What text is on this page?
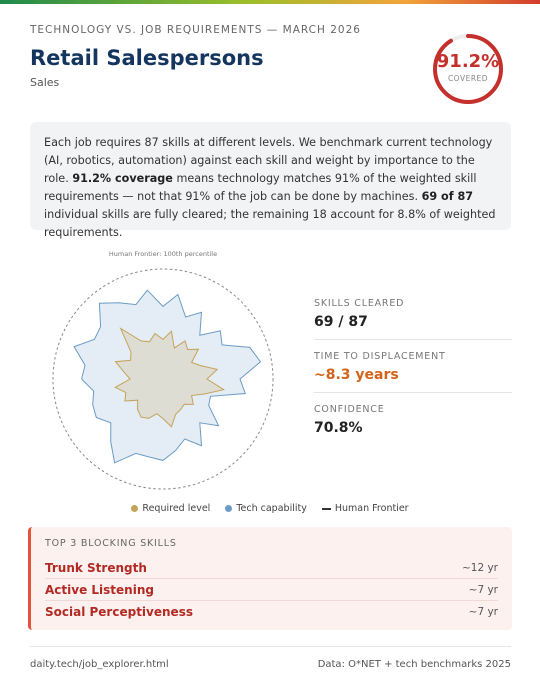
TECHNOLOGY VS. JOB REQUIREMENTS — MARCH 2026
Retail Salespersons
Sales
91.2%
COVERED
Each job requires 87 skills at different levels. We benchmark current technology (AI, robotics, automation) against each skill and weight by importance to the role. 91.2% coverage means technology matches 91% of the weighted skill requirements — not that 91% of the job can be done by machines. 69 of 87 individual skills are fully cleared; the remaining 18 account for 8.8% of weighted requirements.
Human Frontier: 100th percentile
SKILLS CLEARED
69 / 87
TIME TO DISPLACEMENT
~8.3 years
CONFIDENCE
70.8%
Required level	Tech capability	Human Frontier
TOP 3 BLOCKING SKILLS
Trunk Strength	~12 yr
Active Listening	~7 yr
Social Perceptiveness	~7 yr
daity.tech/job_explorer.html	Data: O*NET + tech benchmarks 2025
